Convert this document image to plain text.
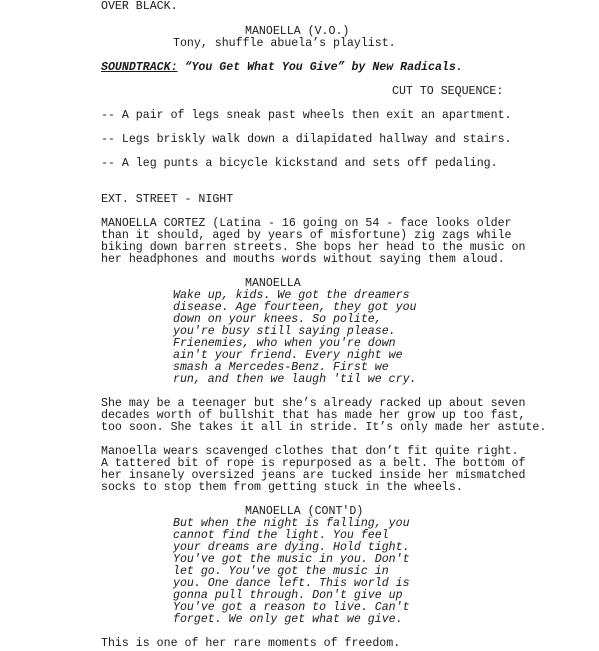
OVER BLACK.
MANOELLA (V.O.)
Tony, shuffle abuela’s playlist.
SOUNDTRACK: “You Get What You Give” by New Radicals.
CUT TO SEQUENCE:
-- A pair of legs sneak past wheels then exit an apartment.
-- Legs briskly walk down a dilapidated hallway and stairs.
-- A leg punts a bicycle kickstand and sets off pedaling.
EXT. STREET - NIGHT
MANOELLA CORTEZ (Latina - 16 going on 54 - face looks older
than it should, aged by years of misfortune) zig zags while
biking down barren streets. She bops her head to the music on
her headphones and mouths words without saying them aloud.
MANOELLA
Wake up, kids. We got the dreamers
disease. Age fourteen, they got you
down on your knees. So polite,
you're busy still saying please.
Frienemies, who when you're down
ain't your friend. Every night we
smash a Mercedes-Benz. First we
run, and then we laugh 'til we cry.
She may be a teenager but she’s already racked up about seven
decades worth of bullshit that has made her grow up too fast,
too soon. She takes it all in stride. It’s only made her astute.
Manoella wears scavenged clothes that don’t fit quite right.
A tattered bit of rope is repurposed as a belt. The bottom of
her insanely oversized jeans are tucked inside her mismatched
socks to stop them from getting stuck in the wheels.
MANOELLA (CONT'D)
But when the night is falling, you
cannot find the light. You feel
your dreams are dying. Hold tight.
You've got the music in you. Don't
let go. You've got the music in
you. One dance left. This world is
gonna pull through. Don't give up
You've got a reason to live. Can't
forget. We only get what we give.
This is one of her rare moments of freedom.
